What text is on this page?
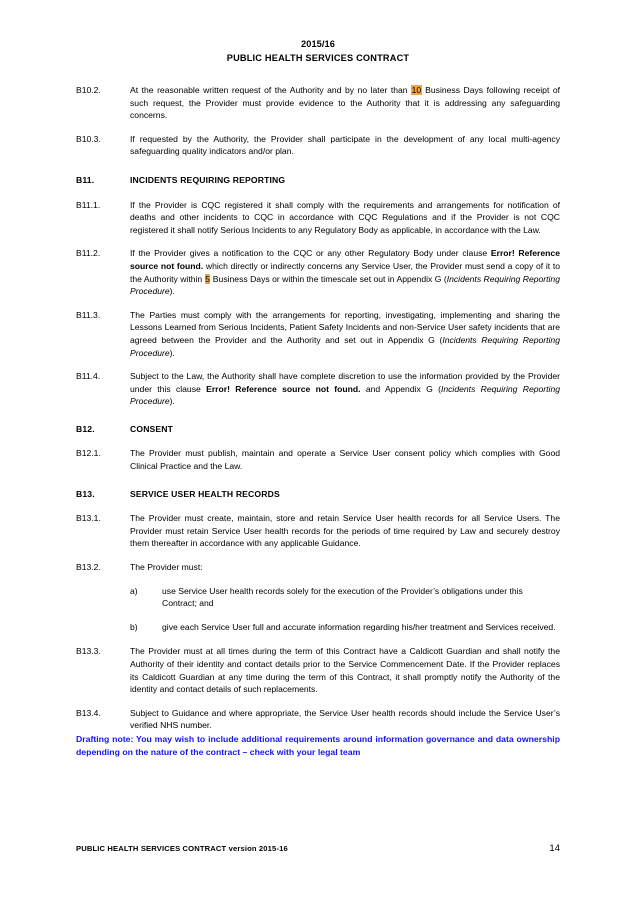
2015/16
PUBLIC HEALTH SERVICES CONTRACT
B10.2.	At the reasonable written request of the Authority and by no later than 10 Business Days following receipt of such request, the Provider must provide evidence to the Authority that it is addressing any safeguarding concerns.
B10.3.	If requested by the Authority, the Provider shall participate in the development of any local multi-agency safeguarding quality indicators and/or plan.
B11.	INCIDENTS REQUIRING REPORTING
B11.1.	If the Provider is CQC registered it shall comply with the requirements and arrangements for notification of deaths and other incidents to CQC in accordance with CQC Regulations and if the Provider is not CQC registered it shall notify Serious Incidents to any Regulatory Body as applicable, in accordance with the Law.
B11.2.	If the Provider gives a notification to the CQC or any other Regulatory Body under clause Error! Reference source not found. which directly or indirectly concerns any Service User, the Provider must send a copy of it to the Authority within 5 Business Days or within the timescale set out in Appendix G (Incidents Requiring Reporting Procedure).
B11.3.	The Parties must comply with the arrangements for reporting, investigating, implementing and sharing the Lessons Learned from Serious Incidents, Patient Safety Incidents and non-Service User safety incidents that are agreed between the Provider and the Authority and set out in Appendix G (Incidents Requiring Reporting Procedure).
B11.4.	Subject to the Law, the Authority shall have complete discretion to use the information provided by the Provider under this clause Error! Reference source not found. and Appendix G (Incidents Requiring Reporting Procedure).
B12.	CONSENT
B12.1.	The Provider must publish, maintain and operate a Service User consent policy which complies with Good Clinical Practice and the Law.
B13.	SERVICE USER HEALTH RECORDS
B13.1.	The Provider must create, maintain, store and retain Service User health records for all Service Users. The Provider must retain Service User health records for the periods of time required by Law and securely destroy them thereafter in accordance with any applicable Guidance.
B13.2.	The Provider must:
a)	use Service User health records solely for the execution of the Provider’s obligations under this Contract; and
b)	give each Service User full and accurate information regarding his/her treatment and Services received.
B13.3.	The Provider must at all times during the term of this Contract have a Caldicott Guardian and shall notify the Authority of their identity and contact details prior to the Service Commencement Date. If the Provider replaces its Caldicott Guardian at any time during the term of this Contract, it shall promptly notify the Authority of the identity and contact details of such replacements.
B13.4.	Subject to Guidance and where appropriate, the Service User health records should include the Service User’s verified NHS number.
Drafting note: You may wish to include additional requirements around information governance and data ownership depending on the nature of the contract – check with your legal team
PUBLIC HEALTH SERVICES CONTRACT version 2015-16	14
